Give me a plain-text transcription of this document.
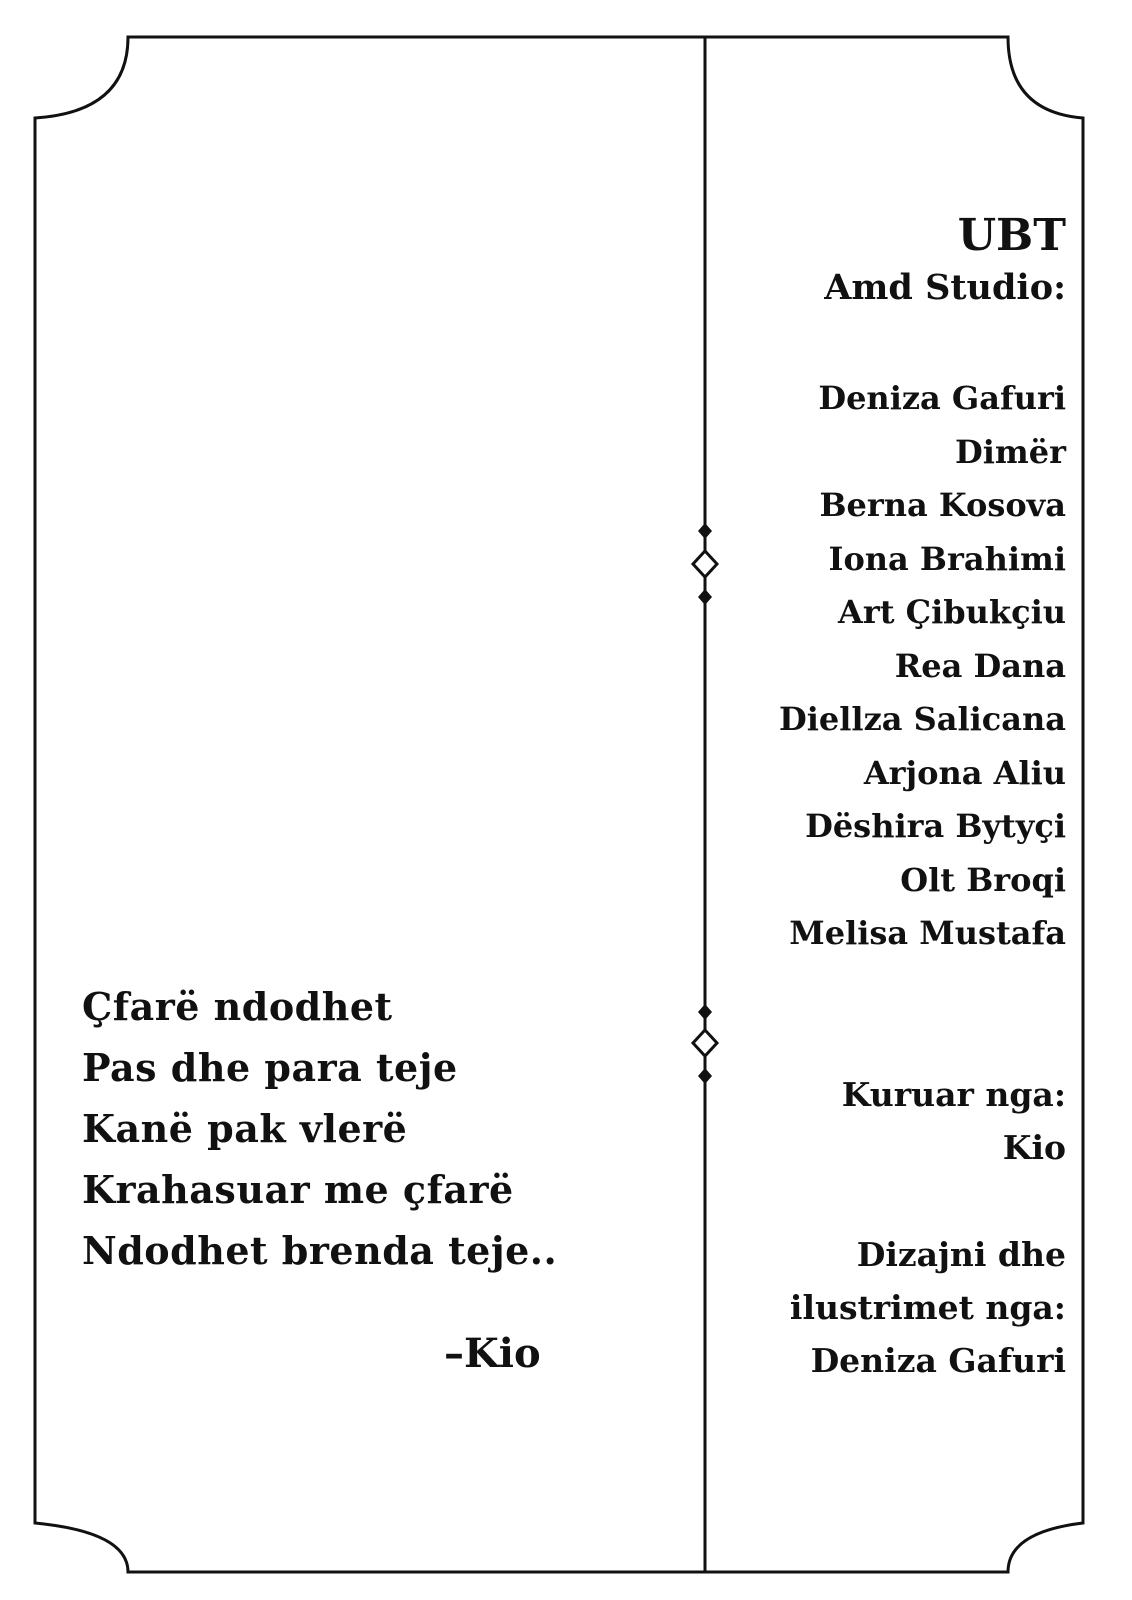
Çfarë ndodhet
Pas dhe para teje
Kanë pak vlerë
Krahasuar me çfarë
Ndodhet brenda teje..
–Kio
UBT
Amd Studio:
Deniza Gafuri
Dimër
Berna Kosova
Iona Brahimi
Art Çibukçiu
Rea Dana
Diellza Salicana
Arjona Aliu
Dëshira Bytyçi
Olt Broqi
Melisa Mustafa
Kuruar nga:
Kio
Dizajni dhe
ilustrimet nga:
Deniza Gafuri
